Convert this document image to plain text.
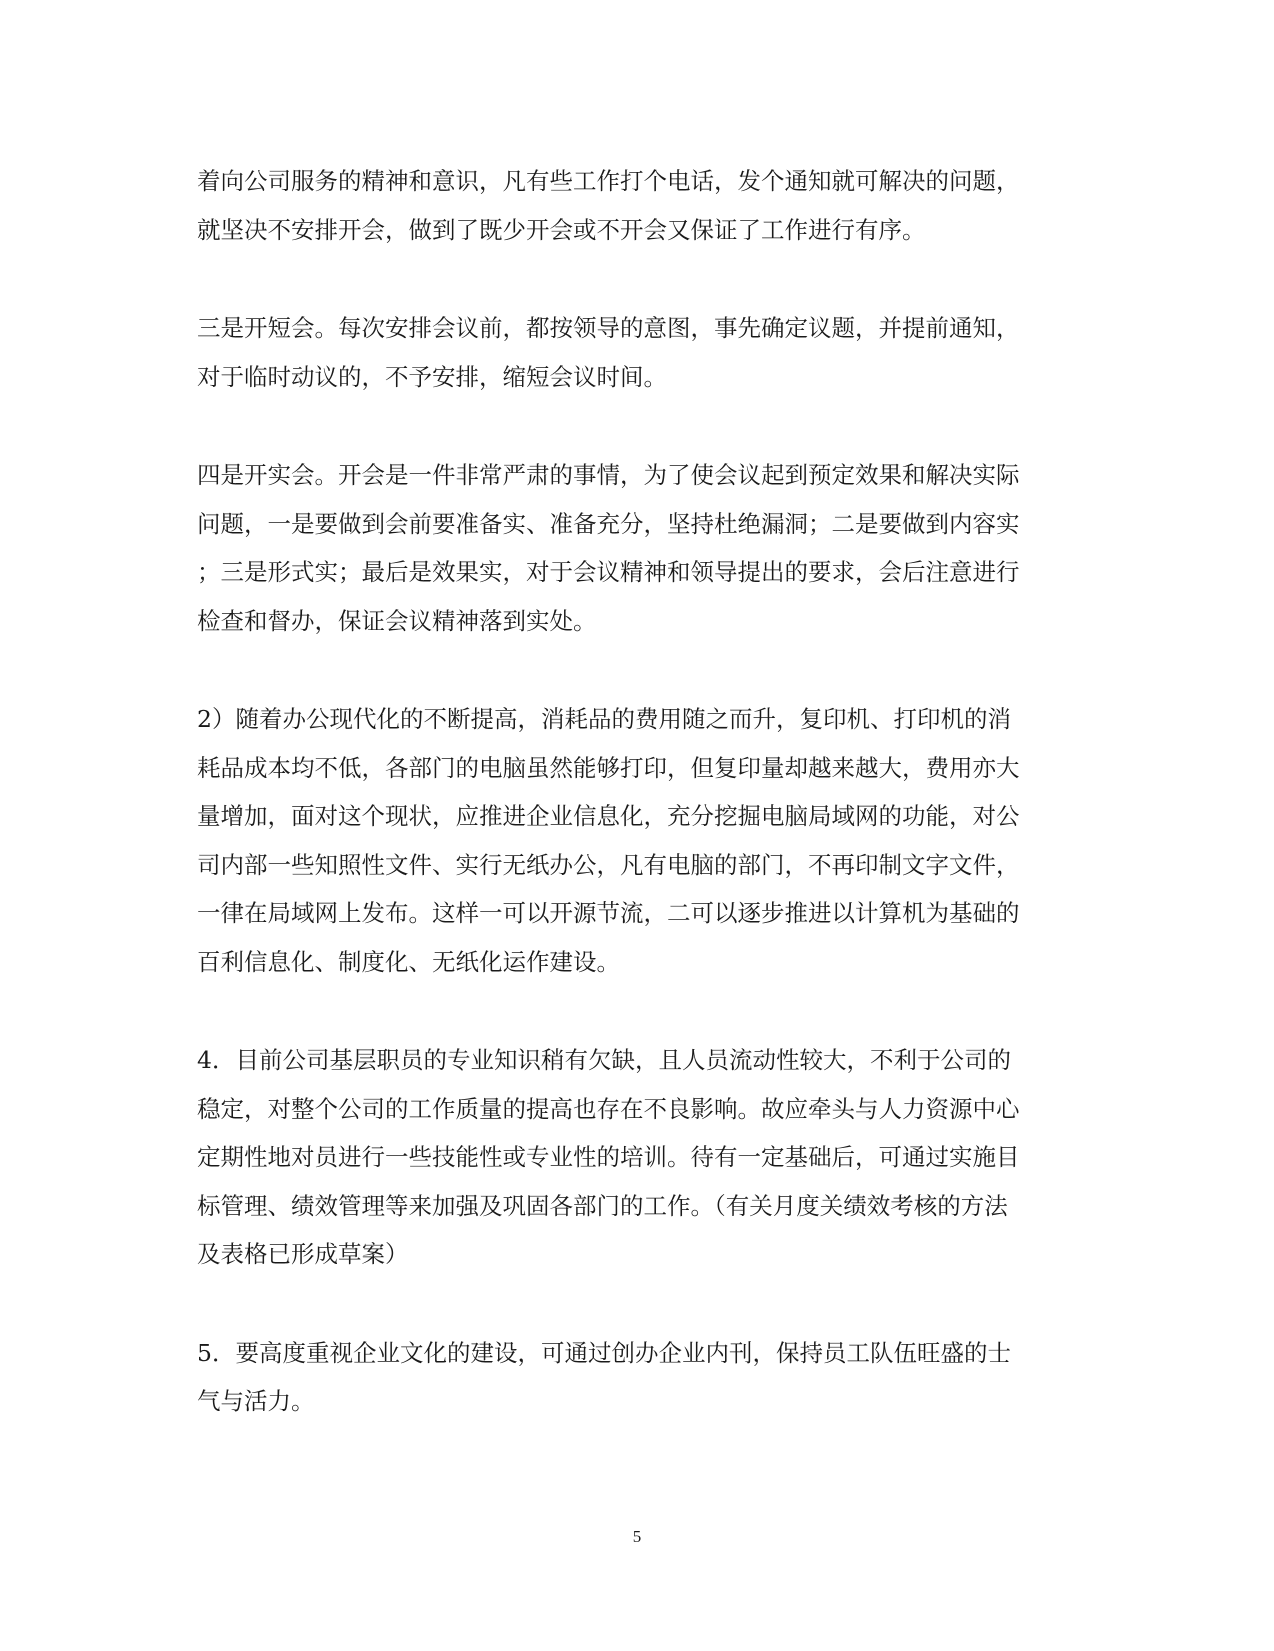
着向公司服务的精神和意识，凡有些工作打个电话，发个通知就可解决的问题，
就坚决不安排开会，做到了既少开会或不开会又保证了工作进行有序。
三是开短会。每次安排会议前，都按领导的意图，事先确定议题，并提前通知，
对于临时动议的，不予安排，缩短会议时间。
四是开实会。开会是一件非常严肃的事情，为了使会议起到预定效果和解决实际
问题，一是要做到会前要准备实、准备充分，坚持杜绝漏洞；二是要做到内容实
；三是形式实；最后是效果实，对于会议精神和领导提出的要求，会后注意进行
检查和督办，保证会议精神落到实处。
2）随着办公现代化的不断提高，消耗品的费用随之而升，复印机、打印机的消
耗品成本均不低，各部门的电脑虽然能够打印，但复印量却越来越大，费用亦大
量增加，面对这个现状，应推进企业信息化，充分挖掘电脑局域网的功能，对公
司内部一些知照性文件、实行无纸办公，凡有电脑的部门，不再印制文字文件，
一律在局域网上发布。这样一可以开源节流，二可以逐步推进以计算机为基础的
百利信息化、制度化、无纸化运作建设。
4．目前公司基层职员的专业知识稍有欠缺，且人员流动性较大，不利于公司的
稳定，对整个公司的工作质量的提高也存在不良影响。故应牵头与人力资源中心
定期性地对员进行一些技能性或专业性的培训。待有一定基础后，可通过实施目
标管理、绩效管理等来加强及巩固各部门的工作。（有关月度关绩效考核的方法
及表格已形成草案）
5．要高度重视企业文化的建设，可通过创办企业内刊，保持员工队伍旺盛的士
气与活力。
5
